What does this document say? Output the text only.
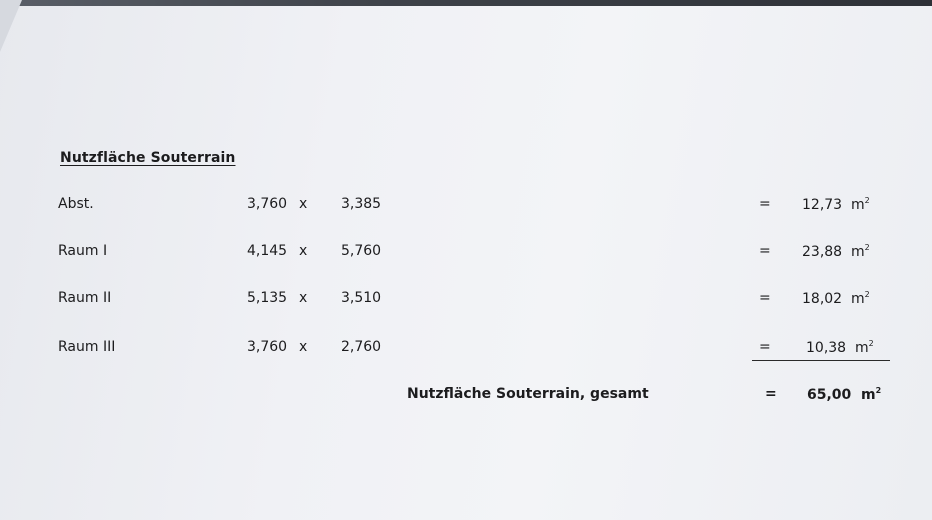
Nutzfläche Souterrain
Abst.	3,760 x 3,385	= 12,73 $m^2$
Raum I	4,145 x 5,760	= 23,88 $m^2$
Raum II	5,135 x 3,510	= 18,02 $m^2$
Raum III	3,760 x 2,760	=	10,38 $m^2$
Nutzfläche Souterrain, gesamt	= 65,00 $m^2$
